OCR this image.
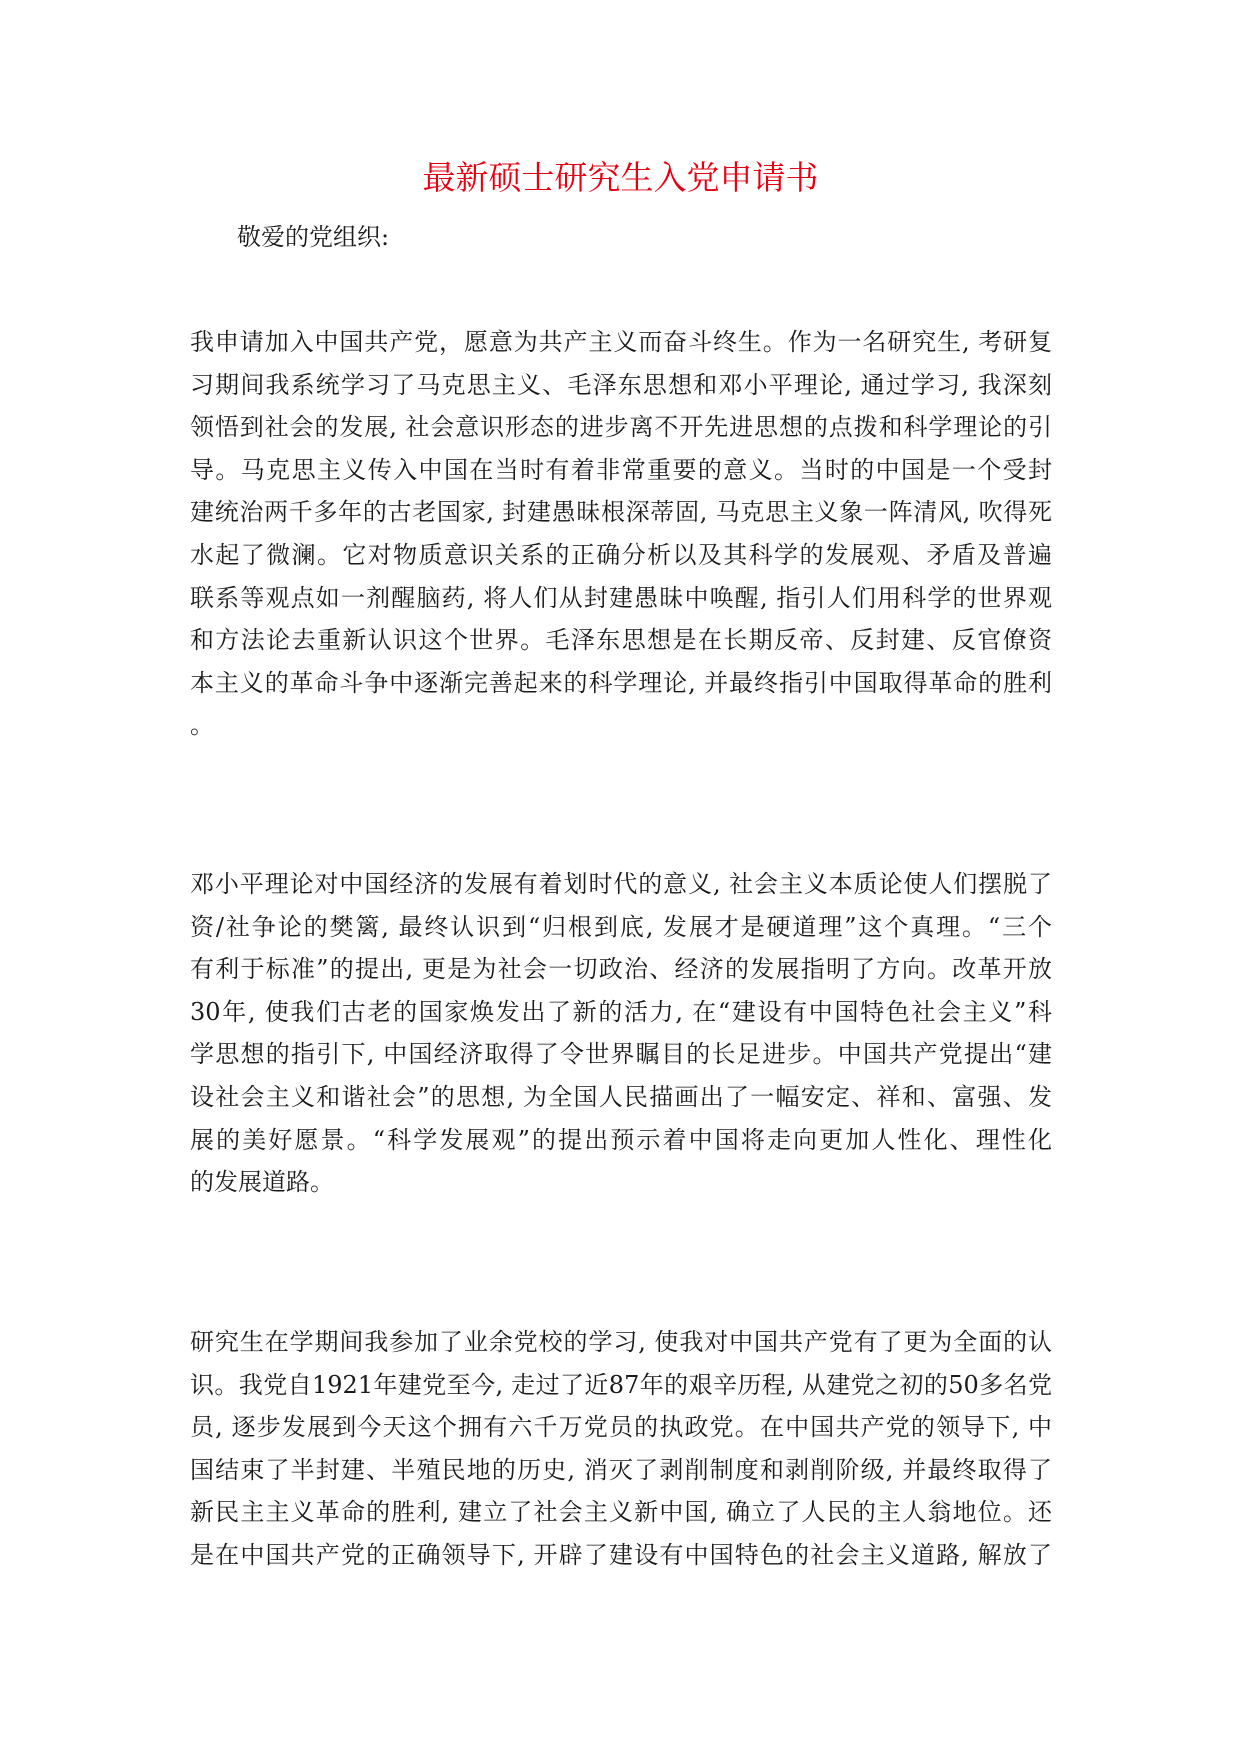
最新硕士研究生入党申请书

敬爱的党组织:

我申请加入中国共产党，愿意为共产主义而奋斗终生。作为一名研究生, 考研复
习期间我系统学习了马克思主义、毛泽东思想和邓小平理论, 通过学习, 我深刻
领悟到社会的发展, 社会意识形态的进步离不开先进思想的点拨和科学理论的引
导。马克思主义传入中国在当时有着非常重要的意义。当时的中国是一个受封
建统治两千多年的古老国家, 封建愚昧根深蒂固, 马克思主义象一阵清风, 吹得死
水起了微澜。它对物质意识关系的正确分析以及其科学的发展观、矛盾及普遍
联系等观点如一剂醒脑药, 将人们从封建愚昧中唤醒, 指引人们用科学的世界观
和方法论去重新认识这个世界。毛泽东思想是在长期反帝、反封建、反官僚资
本主义的革命斗争中逐渐完善起来的科学理论, 并最终指引中国取得革命的胜利
。
邓小平理论对中国经济的发展有着划时代的意义, 社会主义本质论使人们摆脱了
资/社争论的樊篱, 最终认识到“归根到底, 发展才是硬道理”这个真理。“三个
有利于标准”的提出, 更是为社会一切政治、经济的发展指明了方向。改革开放
30年, 使我们古老的国家焕发出了新的活力, 在“建设有中国特色社会主义”科
学思想的指引下, 中国经济取得了令世界瞩目的长足进步。中国共产党提出“建
设社会主义和谐社会”的思想, 为全国人民描画出了一幅安定、祥和、富强、发
展的美好愿景。“科学发展观”的提出预示着中国将走向更加人性化、理性化
的发展道路。
研究生在学期间我参加了业余党校的学习, 使我对中国共产党有了更为全面的认
识。我党自1921年建党至今, 走过了近87年的艰辛历程, 从建党之初的50多名党
员, 逐步发展到今天这个拥有六千万党员的执政党。在中国共产党的领导下, 中
国结束了半封建、半殖民地的历史, 消灭了剥削制度和剥削阶级, 并最终取得了
新民主主义革命的胜利, 建立了社会主义新中国, 确立了人民的主人翁地位。还
是在中国共产党的正确领导下, 开辟了建设有中国特色的社会主义道路, 解放了
